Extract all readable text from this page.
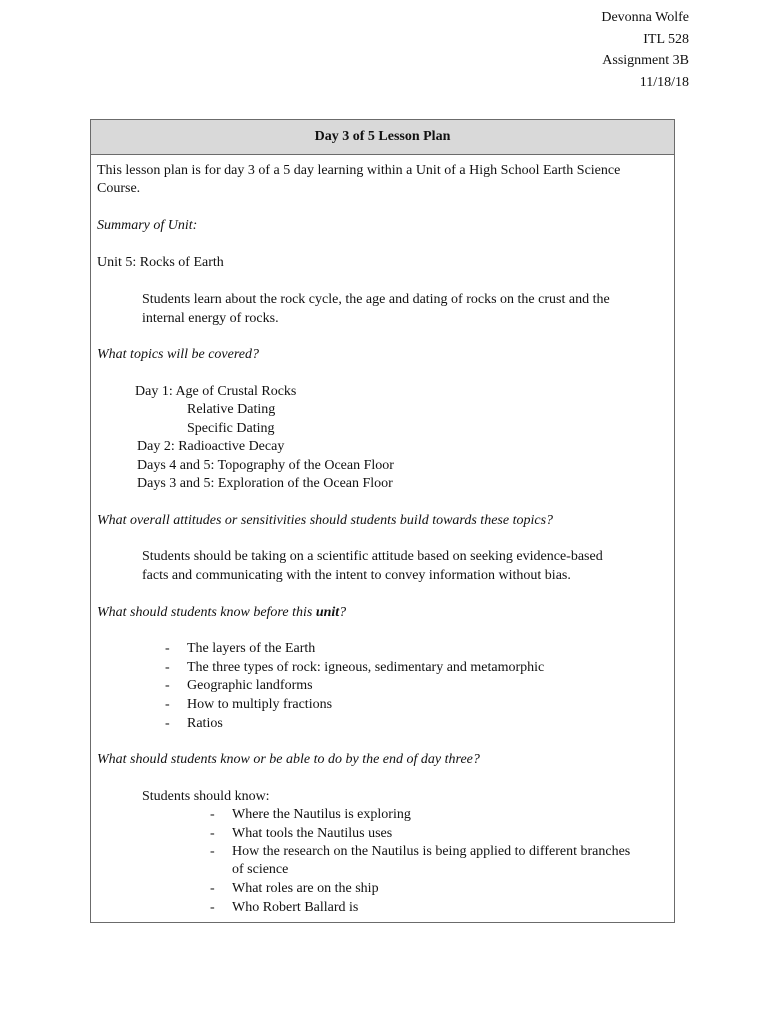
Devonna Wolfe
ITL 528
Assignment 3B
11/18/18
Day 3 of 5 Lesson Plan
This lesson plan is for day 3 of a 5 day learning within a Unit of a High School Earth Science
Course.
Summary of Unit:
Unit 5: Rocks of Earth
Students learn about the rock cycle, the age and dating of rocks on the crust and the
internal energy of rocks.
What topics will be covered?
Day 1: Age of Crustal Rocks
Relative Dating
Specific Dating
Day 2: Radioactive Decay
Days 4 and 5: Topography of the Ocean Floor
Days 3 and 5: Exploration of the Ocean Floor
What overall attitudes or sensitivities should students build towards these topics?
Students should be taking on a scientific attitude based on seeking evidence-based
facts and communicating with the intent to convey information without bias.
What should students know before this unit?
- The layers of the Earth
- The three types of rock: igneous, sedimentary and metamorphic
- Geographic landforms
- How to multiply fractions
- Ratios
What should students know or be able to do by the end of day three?
Students should know:
- Where the Nautilus is exploring
- What tools the Nautilus uses
- How the research on the Nautilus is being applied to different branches
of science
- What roles are on the ship
- Who Robert Ballard is
